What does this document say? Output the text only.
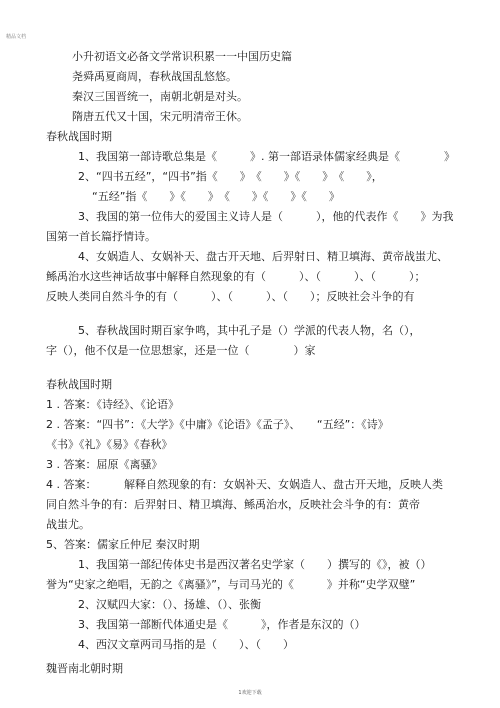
精品文档
小升初语文必备文学常识积累一一中国历史篇
尧舜禹夏商周，春秋战国乱悠悠。
秦汉三国晋统一，南朝北朝是对头。
隋唐五代又十国，宋元明清帝王休。
春秋战国时期
1、我国第一部诗歌总集是《　　　》. 第一部语录体儒家经典是《　　　　》
2、“四书五经”，“四书”指《　　》　《　　》《　　》　《　　》，
“五经”指《　　》《　　》　《　　》《　　》《　　》
3、我国的第一位伟大的爱国主义诗人是（　　　），他的代表作《　　》为我
国第一首长篇抒情诗。
4、女娲造人、女娲补天、盘古开天地、后羿射日、精卫填海、黄帝战蚩尤、
鲧禹治水这些神话故事中解释自然现象的有（　　　）、（　　　）、（　　　）；
反映人类同自然斗争的有（　　　）、（　　　）、（　　）；反映社会斗争的有
5、春秋战国时期百家争鸣，其中孔子是（）学派的代表人物，名（），
字（），他不仅是一位思想家，还是一位（　　　　）家
春秋战国时期
1 . 答案：《诗经》、《论语》
2 . 答案：“四书”：《大学》《中庸》《论语》《孟子》、　　“五经”：《诗》
《书》《礼》《易》《春秋》
3 . 答案：屈原《离骚》
4 . 答案：　　　解释自然现象的有：女娲补天、女娲造人、盘古开天地，反映人类
同自然斗争的有：后羿射日、精卫填海、鲧禹治水，反映社会斗争的有：黄帝
战蚩尤。
5、答案：儒家丘仲尼 秦汉时期
1、我国第一部纪传体史书是西汉著名史学家（　　）撰写的《》，被（）
誉为“史家之绝唱，无韵之《离骚》”，与司马光的《　　　》并称“史学双璧”
2、汉赋四大家：（）、扬雄、（）、张衡
3、我国第一部断代体通史是《　　　》，作者是东汉的（）
4、西汉文章两司马指的是（　　）、（　　）
魏晋南北朝时期
1欢迎下载
